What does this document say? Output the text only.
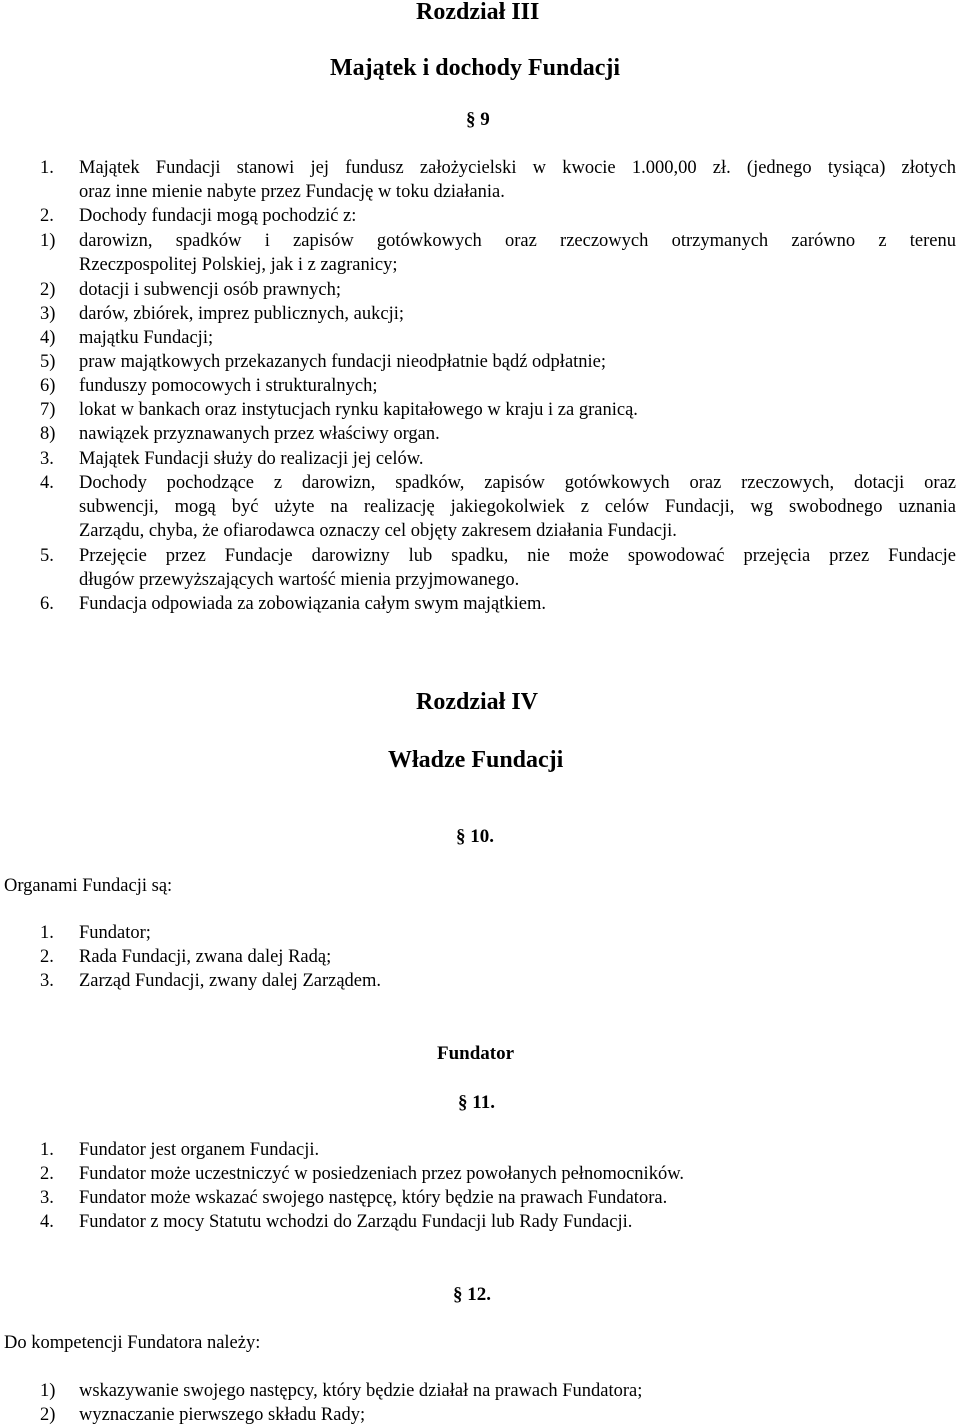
Rozdział III
Majątek i dochody Fundacji
§ 9
1. Majątek Fundacji stanowi jej fundusz założycielski w kwocie 1.000,00 zł. (jednego tysiąca) złotych
oraz inne mienie nabyte przez Fundację w toku działania.
2. Dochody fundacji mogą pochodzić z:
1) darowizn, spadków i zapisów gotówkowych oraz rzeczowych otrzymanych zarówno z terenu
Rzeczpospolitej Polskiej, jak i z zagranicy;
2) dotacji i subwencji osób prawnych;
3) darów, zbiórek, imprez publicznych, aukcji;
4) majątku Fundacji;
5) praw majątkowych przekazanych fundacji nieodpłatnie bądź odpłatnie;
6) funduszy pomocowych i strukturalnych;
7) lokat w bankach oraz instytucjach rynku kapitałowego w kraju i za granicą.
8) nawiązek przyznawanych przez właściwy organ.
3. Majątek Fundacji służy do realizacji jej celów.
4. Dochody pochodzące z darowizn, spadków, zapisów gotówkowych oraz rzeczowych, dotacji oraz
subwencji, mogą być użyte na realizację jakiegokolwiek z celów Fundacji, wg swobodnego uznania
Zarządu, chyba, że ofiarodawca oznaczy cel objęty zakresem działania Fundacji.
5. Przejęcie przez Fundacje darowizny lub spadku, nie może spowodować przejęcia przez Fundacje
długów przewyższających wartość mienia przyjmowanego.
6. Fundacja odpowiada za zobowiązania całym swym majątkiem.
Rozdział IV
Władze Fundacji
§ 10.
Organami Fundacji są:
1. Fundator;
2. Rada Fundacji, zwana dalej Radą;
3. Zarząd Fundacji, zwany dalej Zarządem.
Fundator
§ 11.
1. Fundator jest organem Fundacji.
2. Fundator może uczestniczyć w posiedzeniach przez powołanych pełnomocników.
3. Fundator może wskazać swojego następcę, który będzie na prawach Fundatora.
4. Fundator z mocy Statutu wchodzi do Zarządu Fundacji lub Rady Fundacji.
§ 12.
Do kompetencji Fundatora należy:
1) wskazywanie swojego następcy, który będzie działał na prawach Fundatora;
2) wyznaczanie pierwszego składu Rady;
